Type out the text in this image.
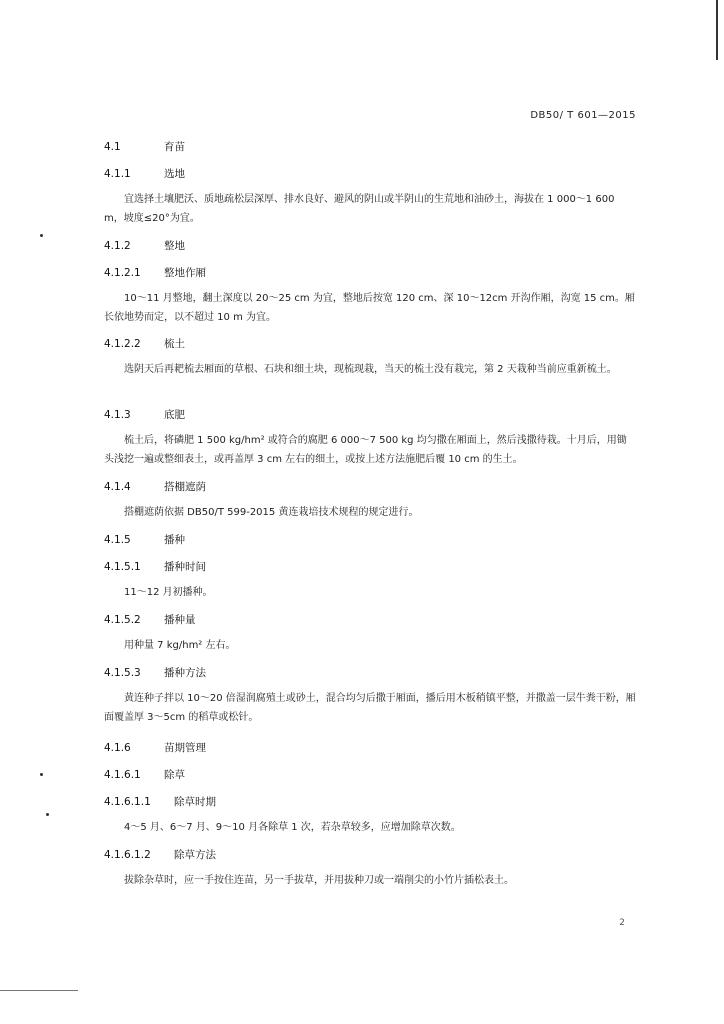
DB50/ T 601—2015
4.1	育苗
4.1.1	选地
宜选择土壤肥沃、质地疏松层深厚、排水良好、避风的阴山或半阴山的生荒地和油砂土，海拔在 1 000～1 600 m，坡度≤20°为宜。
4.1.2	整地
4.1.2.1 整地作厢
10～11 月整地，翻土深度以 20～25 cm 为宜，整地后按宽 120 cm、深 10～12cm 开沟作厢，沟宽 15 cm。厢长依地势而定，以不超过 10 m 为宜。
4.1.2.2 梳土
选阴天后再耙梳去厢面的草根、石块和细土块，现梳现栽，当天的梳土没有栽完，第 2 天栽种当前应重新梳土。
4.1.3	底肥
梳土后，将磷肥 1 500 kg/hm² 或符合的腐肥 6 000～7 500 kg 均匀撒在厢面上，然后浅撒待栽。十月后，用锄头浅挖一遍或整细表土，或再盖厚 3 cm 左右的细土，或按上述方法施肥后覆 10 cm 的生土。
4.1.4	搭棚遮荫
搭棚遮荫依据 DB50/T 599-2015 黄连栽培技术规程的规定进行。
4.1.5	播种
4.1.5.1 播种时间
11～12 月初播种。
4.1.5.2 播种量
用种量 7 kg/hm² 左右。
4.1.5.3 播种方法
黄连种子拌以 10～20 倍湿润腐殖土或砂土，混合均匀后撒于厢面，播后用木板稍镇平整，并撒盖一层牛粪干粉，厢面覆盖厚 3～5cm 的稻草或松针。
4.1.6	苗期管理
4.1.6.1 除草
4.1.6.1.1 除草时期
4～5 月、6～7 月、9～10 月各除草 1 次，若杂草较多，应增加除草次数。
4.1.6.1.2 除草方法
拔除杂草时，应一手按住连苗，另一手拔草，并用拔种刀或一端削尖的小竹片插松表土。
2
